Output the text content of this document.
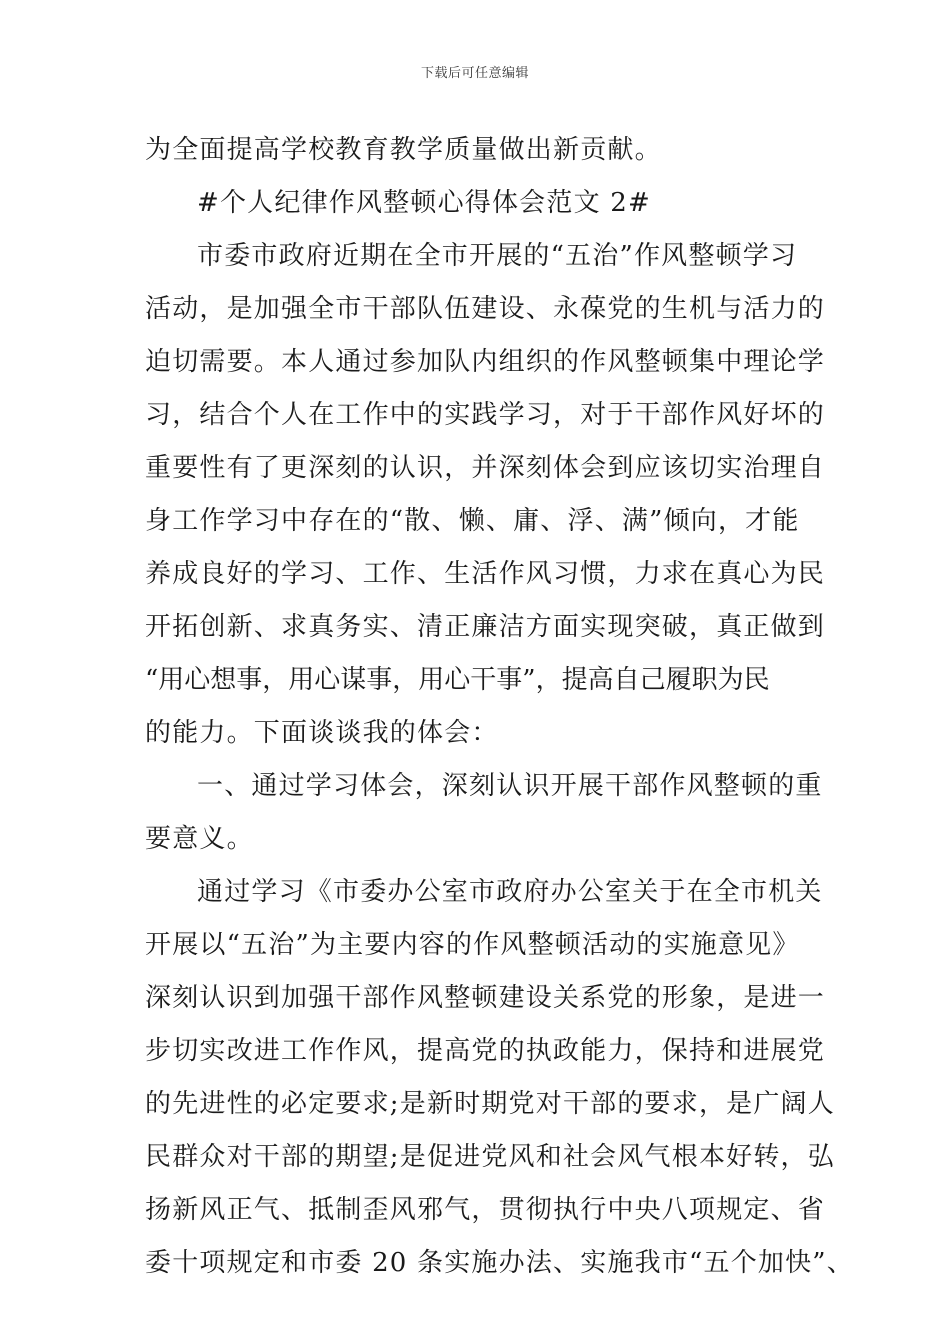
下载后可任意编辑
为全面提高学校教育教学质量做出新贡献。
#个人纪律作风整顿心得体会范文 2#
市委市政府近期在全市开展的“五治”作风整顿学习
活动，是加强全市干部队伍建设、永葆党的生机与活力的
迫切需要。本人通过参加队内组织的作风整顿集中理论学
习，结合个人在工作中的实践学习，对于干部作风好坏的
重要性有了更深刻的认识，并深刻体会到应该切实治理自
身工作学习中存在的“散、懒、庸、浮、满”倾向，才能
养成良好的学习、工作、生活作风习惯，力求在真心为民
开拓创新、求真务实、清正廉洁方面实现突破，真正做到
“用心想事，用心谋事，用心干事”，提高自己履职为民
的能力。下面谈谈我的体会：
一、通过学习体会，深刻认识开展干部作风整顿的重
要意义。
通过学习《市委办公室市政府办公室关于在全市机关
开展以“五治”为主要内容的作风整顿活动的实施意见》
深刻认识到加强干部作风整顿建设关系党的形象，是进一
步切实改进工作作风，提高党的执政能力，保持和进展党
的先进性的必定要求;是新时期党对干部的要求，是广阔人
民群众对干部的期望;是促进党风和社会风气根本好转，弘
扬新风正气、抵制歪风邪气，贯彻执行中央八项规定、省
委十项规定和市委 20 条实施办法、实施我市“五个加快”、
